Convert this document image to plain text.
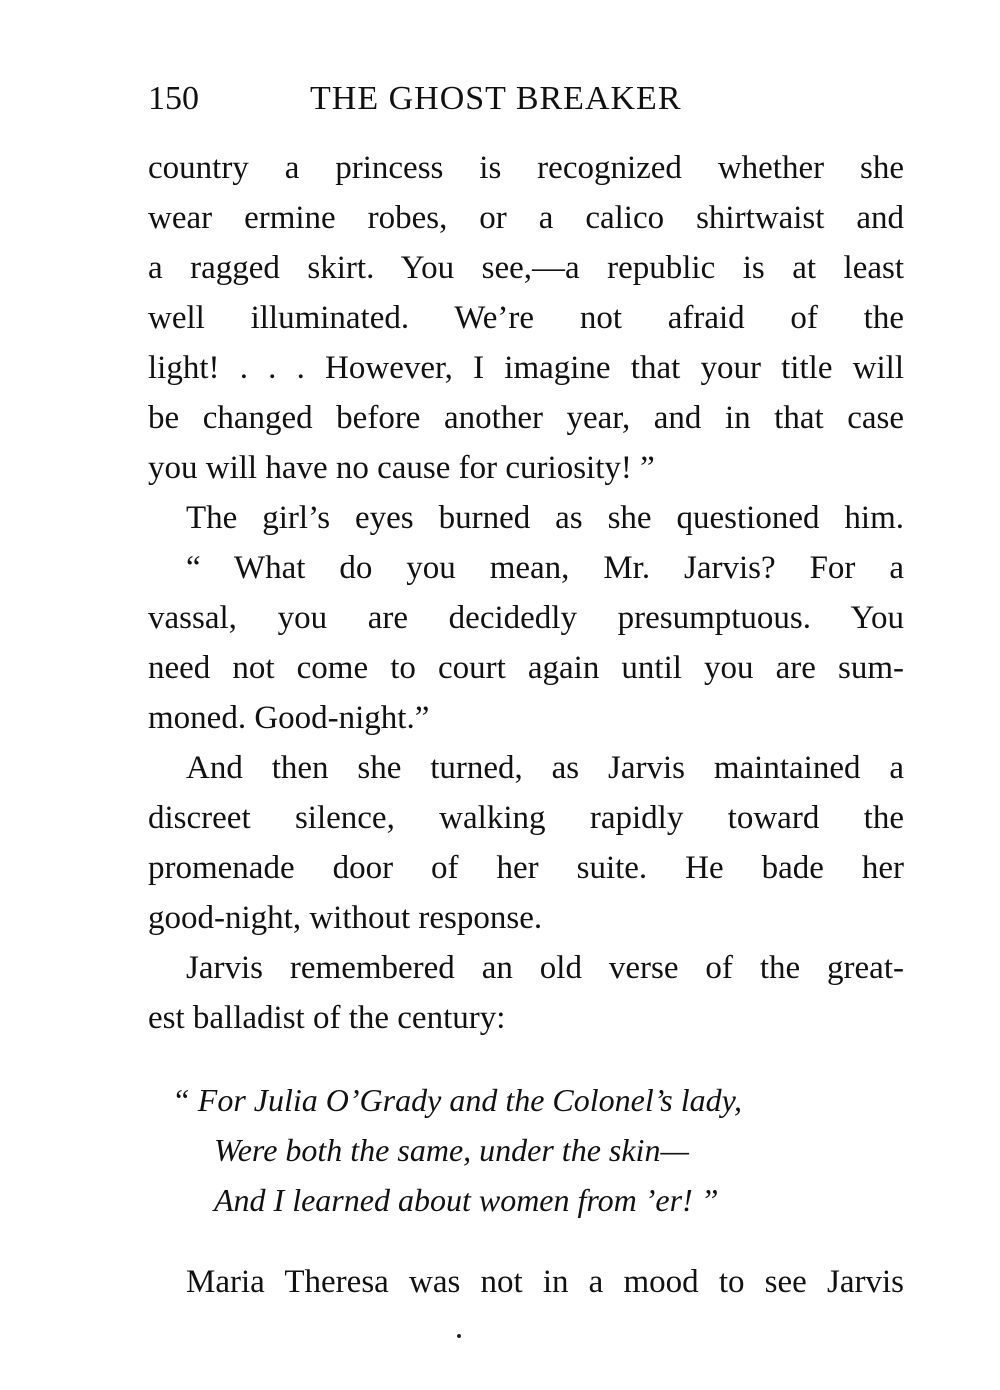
150	THE GHOST BREAKER
country a princess is recognized whether she
wear ermine robes, or a calico shirtwaist and
a ragged skirt. You see,—a republic is at least
well illuminated. We’re not afraid of the
light! . . . However, I imagine that your title will
be changed before another year, and in that case
you will have no cause for curiosity! ”
The girl’s eyes burned as she questioned him.
“ What do you mean, Mr. Jarvis? For a
vassal, you are decidedly presumptuous. You
need not come to court again until you are sum-
moned. Good-night.”
And then she turned, as Jarvis maintained a
discreet silence, walking rapidly toward the
promenade door of her suite. He bade her
good-night, without response.
Jarvis remembered an old verse of the great-
est balladist of the century:
“ For Julia O’Grady and the Colonel’s lady,
Were both the same, under the skin—
And I learned about women from ’er! ”
Maria Theresa was not in a mood to see Jarvis
